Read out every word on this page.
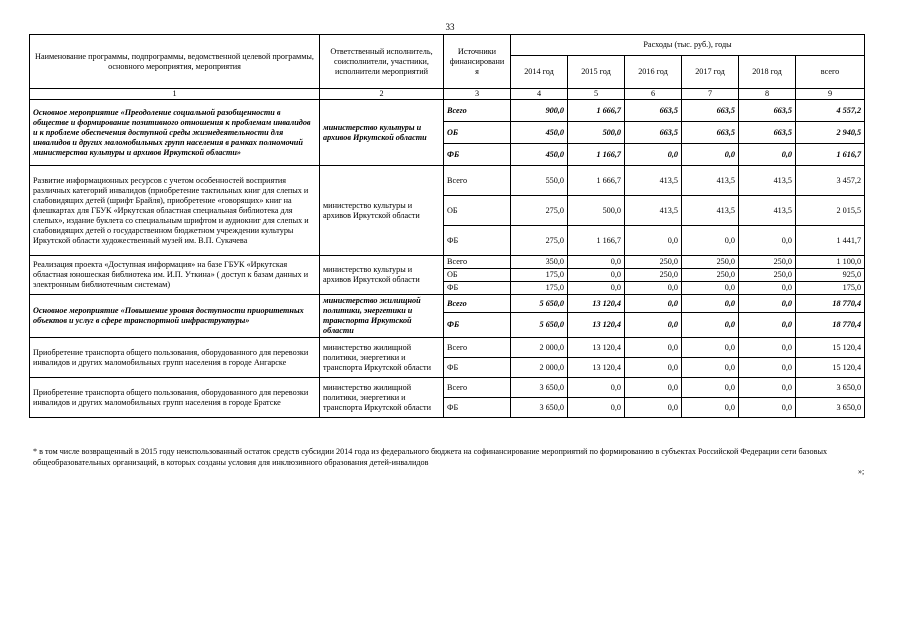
33
Наименование программы, подпрограммы, ведомственной целевой программы, основного мероприятия, мероприятия	Ответственный исполнитель, соисполнители, участники, исполнители мероприятий	Источники финансировани я	Расходы (тыс. руб.), годы					
			2014 год	2015 год	2016 год	2017 год	2018 год	всего
1	2	3	4	5	6	7	8	9
Основное мероприятие «Преодоление социальной разобщенности в обществе и формирование позитивного отношения к проблемам инвалидов и к проблеме обеспечения доступной среды жизнедеятельности для инвалидов и других маломобильных групп населения в рамках полномочий министерства культуры и архивов Иркутской области»	министерство культуры и архивов Иркутской области	Всего	900,0	1 666,7	663,5	663,5	663,5	4 557,2
		ОБ	450,0	500,0	663,5	663,5	663,5	2 940,5
		ФБ	450,0	1 166,7	0,0	0,0	0,0	1 616,7
Развитие информационных ресурсов с учетом особенностей восприятия различных категорий инвалидов (приобретение тактильных книг для слепых и слабовидящих детей (шрифт Брайля), приобретение «говорящих» книг на флешкартах для ГБУК «Иркутская областная специальная библиотека для слепых», издание буклета со специальным шрифтом и аудиокниг для слепых и слабовидящих детей о государственном бюджетном учреждении культуры Иркутской области художественный музей им. В.П. Сукачева	министерство культуры и архивов Иркутской области	Всего	550,0	1 666,7	413,5	413,5	413,5	3 457,2
		ОБ	275,0	500,0	413,5	413,5	413,5	2 015,5
		ФБ	275,0	1 166,7	0,0	0,0	0,0	1 441,7
Реализация проекта «Доступная информация» на базе ГБУК «Иркутская областная юношеская библиотека им. И.П. Уткина» ( доступ к базам данных и электронным библиотечным системам)	министерство культуры и архивов Иркутской области	Всего	350,0	0,0	250,0	250,0	250,0	1 100,0
		ОБ	175,0	0,0	250,0	250,0	250,0	925,0
		ФБ	175,0	0,0	0,0	0,0	0,0	175,0
Основное мероприятие «Повышение уровня доступности приоритетных объектов и услуг в сфере транспортной инфраструктуры»	министерство жилищной политики, энергетики и транспорта Иркутской области	Всего	5 650,0	13 120,4	0,0	0,0	0,0	18 770,4
		ФБ	5 650,0	13 120,4	0,0	0,0	0,0	18 770,4
Приобретение транспорта общего пользования, оборудованного для перевозки инвалидов и других маломобильных групп населения в городе Ангарске	министерство жилищной политики, энергетики и транспорта Иркутской области	Всего	2 000,0	13 120,4	0,0	0,0	0,0	15 120,4
		ФБ	2 000,0	13 120,4	0,0	0,0	0,0	15 120,4
Приобретение транспорта общего пользования, оборудованного для перевозки инвалидов и других маломобильных групп населения в городе Братске	министерство жилищной политики, энергетики и транспорта Иркутской области	Всего	3 650,0	0,0	0,0	0,0	0,0	3 650,0
		ФБ	3 650,0	0,0	0,0	0,0	0,0	3 650,0
* в том числе возвращенный в 2015 году неиспользованный остаток средств субсидии 2014 года из федерального бюджета на софинансирование мероприятий по формированию в субъектах Российской Федерации сети базовых общеобразовательных организаций, в которых созданы условия для инклюзивного образования детей-инвалидов
»;
